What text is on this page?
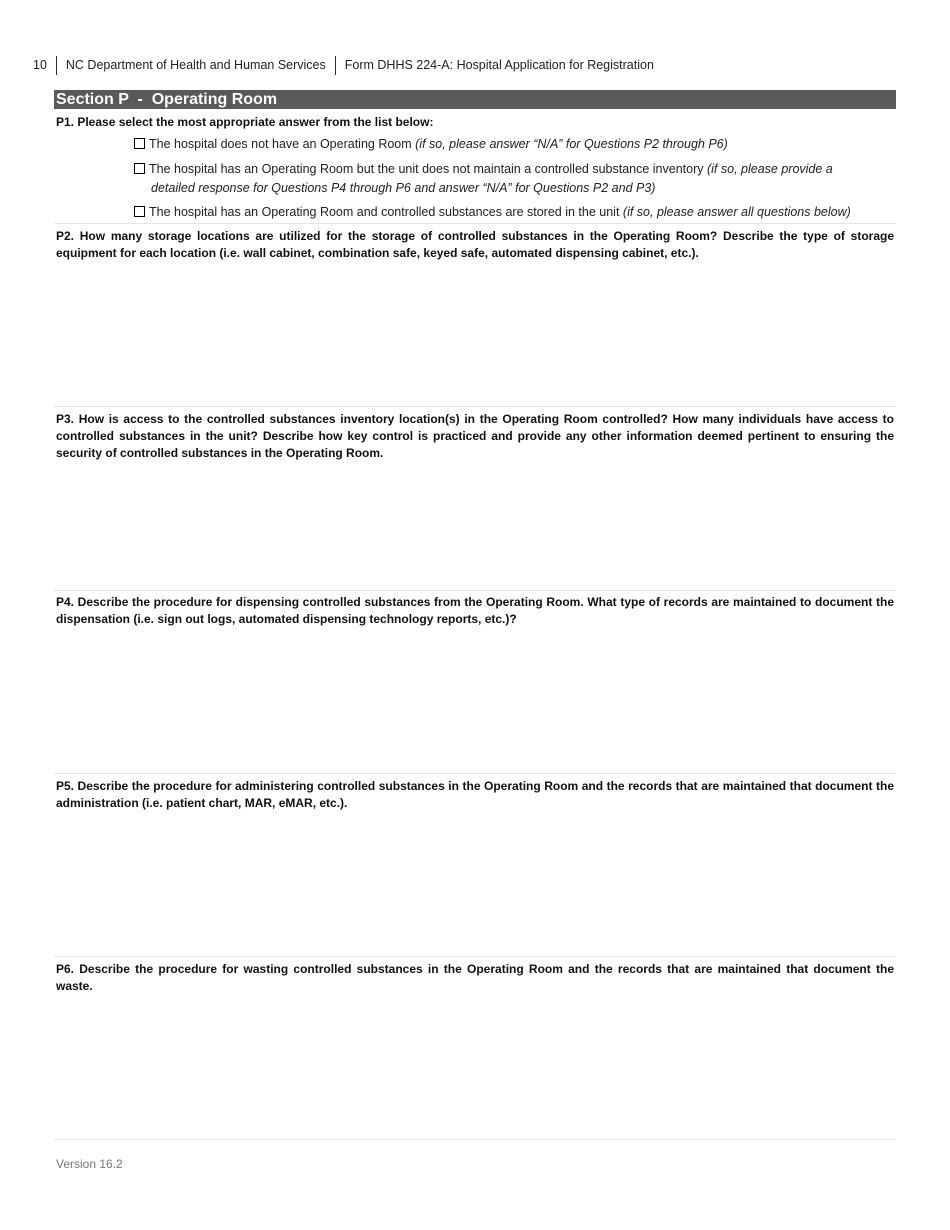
10 NC Department of Health and Human Services Form DHHS 224-A: Hospital Application for Registration
Section P  -  Operating Room
P1. Please select the most appropriate answer from the list below:
The hospital does not have an Operating Room (if so, please answer “N/A” for Questions P2 through P6)
The hospital has an Operating Room but the unit does not maintain a controlled substance inventory (if so, please provide a
detailed response for Questions P4 through P6 and answer “N/A” for Questions P2 and P3)
The hospital has an Operating Room and controlled substances are stored in the unit (if so, please answer all questions below)
P2. How many storage locations are utilized for the storage of controlled substances in the Operating Room? Describe the type of storage equipment for each location (i.e. wall cabinet, combination safe, keyed safe, automated dispensing cabinet, etc.).
P3. How is access to the controlled substances inventory location(s) in the Operating Room controlled? How many individuals have access to controlled substances in the unit? Describe how key control is practiced and provide any other information deemed pertinent to ensuring the security of controlled substances in the Operating Room.
P4. Describe the procedure for dispensing controlled substances from the Operating Room. What type of records are maintained to document the dispensation (i.e. sign out logs, automated dispensing technology reports, etc.)?
P5. Describe the procedure for administering controlled substances in the Operating Room and the records that are maintained that document the administration (i.e. patient chart, MAR, eMAR, etc.).
P6. Describe the procedure for wasting controlled substances in the Operating Room and the records that are maintained that document the waste.
Version 16.2
